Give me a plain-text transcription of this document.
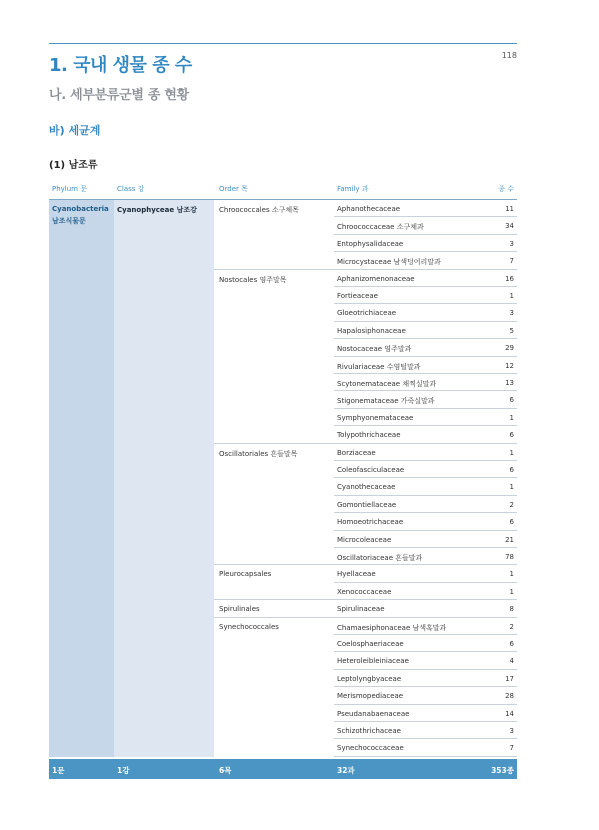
118
1. 국내 생물 종 수
나. 세부분류군별 종 현황
바) 세균계
(1) 남조류
Phylum 문	Class 강	Order 목	Family 과	종 수
Cyanobacteria
남조식물문
Cyanophyceae 남조강	Chroococcales 소구체목	Aphanothecaceae	11
Chroococcaceae 소구체과	34
Entophysalidaceae	3
Microcystaceae 남색덩어리말과	7
Nostocales 염주말목	Aphanizomenonaceae	16
Fortieaceae	1
Gloeotrichiaceae	3
Hapalosiphonaceae	5
Nostocaceae 염주말과	29
Rivulariaceae 수염털말과	12
Scytonemataceae 채찍실말과	13
Stigonemataceae 가죽실말과	6
Symphyonemataceae	1
Tolypothrichaceae	6
Oscillatoriales 흔들말목	Borziaceae	1
Coleofasciculaceae	6
Cyanothecaceae	1
Gomontiellaceae	2
Homoeotrichaceae	6
Microcoleaceae	21
Oscillatoriaceae 흔들말과	78
Pleurocapsales	Hyellaceae	1
Xenococcaceae	1
Spirulinales	Spirulinaceae	8
Synechococcales	Chamaesiphonaceae 남색혹말과	2
Coelosphaeriaceae	6
Heteroleibleiniaceae	4
Leptolyngbyaceae	17
Merismopediaceae	28
Pseudanabaenaceae	14
Schizothrichaceae	3
Synechococcaceae	7
1문	1강	6목	32과	353종
